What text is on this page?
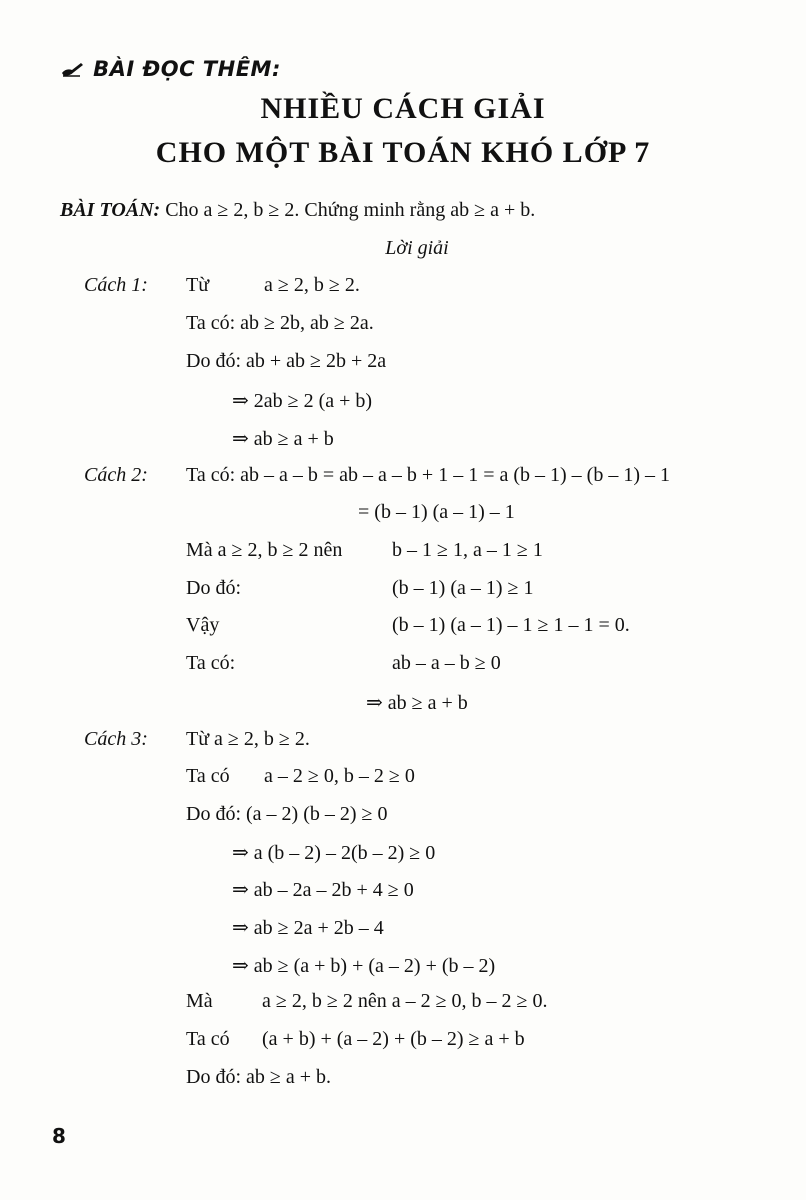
BÀI ĐỌC THÊM:
NHIỀU CÁCH GIẢI
CHO MỘT BÀI TOÁN KHÓ LỚP 7
BÀI TOÁN: Cho a ≥ 2, b ≥ 2. Chứng minh rằng ab ≥ a + b.
Lời giải
Cách 1: Từ	a ≥ 2, b ≥ 2.
Ta có: ab ≥ 2b, ab ≥ 2a.
Do đó: ab + ab ≥ 2b + 2a
⇒ 2ab ≥ 2 (a + b)
⇒ ab ≥ a + b
Cách 2: Ta có: ab – a – b = ab – a – b + 1 – 1 = a (b – 1) – (b – 1) – 1
= (b – 1) (a – 1) – 1
Mà a ≥ 2, b ≥ 2 nên b – 1 ≥ 1, a – 1 ≥ 1
Do đó:	(b – 1) (a – 1) ≥ 1
Vậy	(b – 1) (a – 1) – 1 ≥ 1 – 1 = 0.
Ta có:	ab – a – b ≥ 0
⇒ ab ≥ a + b
Cách 3: Từ a ≥ 2, b ≥ 2.
Ta có a – 2 ≥ 0, b – 2 ≥ 0
Do đó: (a – 2) (b – 2) ≥ 0
⇒ a (b – 2) – 2(b – 2) ≥ 0
⇒ ab – 2a – 2b + 4 ≥ 0
⇒ ab ≥ 2a + 2b – 4
⇒ ab ≥ (a + b) + (a – 2) + (b – 2)
Mà a ≥ 2, b ≥ 2 nên a – 2 ≥ 0, b – 2 ≥ 0.
Ta có (a + b) + (a – 2) + (b – 2) ≥ a + b
Do đó: ab ≥ a + b.
8
